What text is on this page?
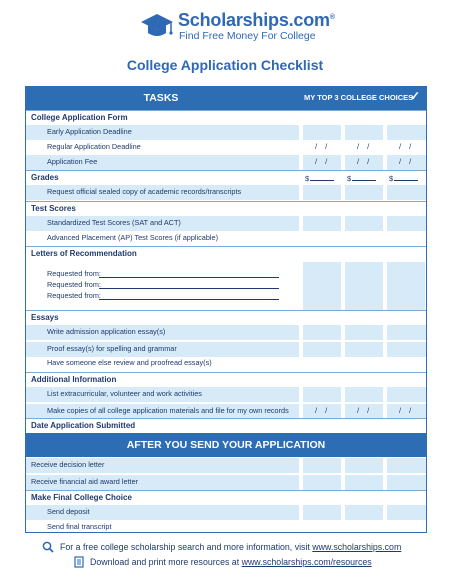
Scholarships.com®
Find Free Money For College
College Application Checklist
TASKS	MY TOP 3 COLLEGE CHOICES
✓
College Application Form
Early Application Deadline
Regular Application Deadline	/ /	/ /	/ /
Application Fee	/ /	/ /	/ /
Grades	$	$	$
Request official sealed copy of academic records/transcripts
Test Scores
Standardized Test Scores (SAT and ACT)
Advanced Placement (AP) Test Scores (if applicable)
Letters of Recommendation
Requested from:
Requested from:
Requested from:
Essays
Write admission application essay(s)
Proof essay(s) for spelling and grammar
Have someone else review and proofread essay(s)
Additional Information
List extracurricular, volunteer and work activities
Make copies of all college application materials and file for my own records	/ /	/ /	/ /
Date Application Submitted
AFTER YOU SEND YOUR APPLICATION
Receive decision letter
Receive financial aid award letter
Make Final College Choice
Send deposit
Send final transcript
For a free college scholarship search and more information, visit www.scholarships.com
Download and print more resources at www.scholarships.com/resources
